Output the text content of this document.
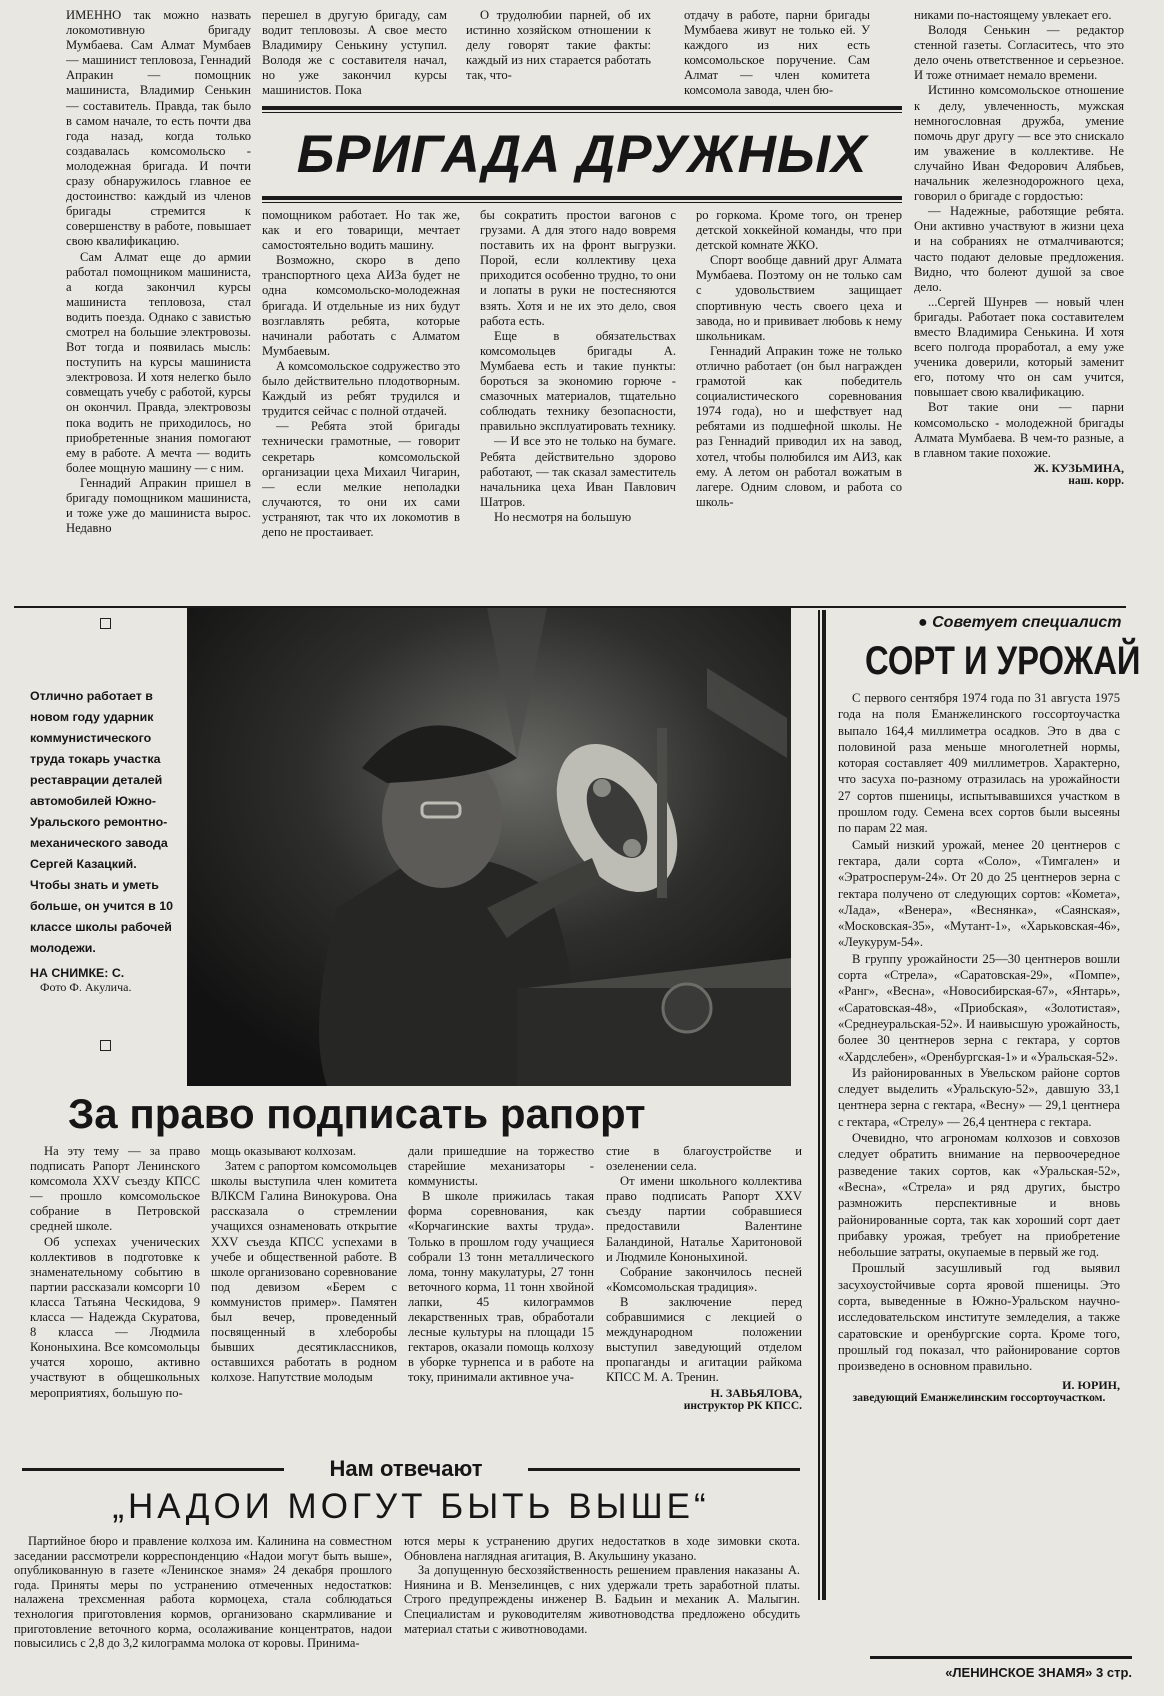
ИМЕННО так можно назвать локомотивную бригаду Мумбаева. Сам Алмат Мумбаев — машинист тепловоза, Геннадий Апракин — помощник машиниста, Владимир Сенькин — составитель. Правда, так было в самом начале, то есть почти два года назад, когда только создавалась комсомольско - молодежная бригада. И почти сразу обнаружилось главное ее достоинство: каждый из членов бригады стремится к совершенству в работе, повышает свою квалификацию.

Сам Алмат еще до армии работал помощником машиниста, а когда закончил курсы машиниста тепловоза, стал водить поезда. Однако с завистью смотрел на большие электровозы. Вот тогда и появилась мысль: поступить на курсы машиниста электровоза. И хотя нелегко было совмещать учебу с работой, курсы он окончил. Правда, электровозы пока водить не приходилось, но приобретенные знания помогают ему в работе. А мечта — водить более мощную машину — с ним.

Геннадий Апракин пришел в бригаду помощником машиниста, и тоже уже до машиниста вырос. Недавно

перешел в другую бригаду, сам водит тепловозы. А свое место Владимиру Сенькину уступил. Володя же с составителя начал, но уже закончил курсы машинистов. Пока

О трудолюбии парней, об их истинно хозяйском отношении к делу говорят такие факты: каждый из них старается работать так, что-

отдачу в работе, парни бригады Мумбаева живут не только ей. У каждого из них есть комсомольское поручение. Сам Алмат — член комитета комсомола завода, член бю-

БРИГАДА ДРУЖНЫХ

помощником работает. Но так же, как и его товарищи, мечтает самостоятельно водить машину.

Возможно, скоро в депо транспортного цеха АИЗа будет не одна комсомольско-молодежная бригада. И отдельные из них будут возглавлять ребята, которые начинали работать с Алматом Мумбаевым.

А комсомольское содружество это было действительно плодотворным. Каждый из ребят трудился и трудится сейчас с полной отдачей.

— Ребята этой бригады технически грамотные, — говорит секретарь комсомольской организации цеха Михаил Чигарин, — если мелкие неполадки случаются, то они их сами устраняют, так что их локомотив в депо не простаивает.

бы сократить простои вагонов с грузами. А для этого надо вовремя поставить их на фронт выгрузки. Порой, если коллективу цеха приходится особенно трудно, то они и лопаты в руки не постесняются взять. Хотя и не их это дело, своя работа есть.

Еще в обязательствах комсомольцев бригады А. Мумбаева есть и такие пункты: бороться за экономию горюче - смазочных материалов, тщательно соблюдать технику безопасности, правильно эксплуатировать технику.

— И все это не только на бумаге. Ребята действительно здорово работают, — так сказал заместитель начальника цеха Иван Павлович Шатров.

Но несмотря на большую

ро горкома. Кроме того, он тренер детской хоккейной команды, что при детской комнате ЖКО.

Спорт вообще давний друг Алмата Мумбаева. Поэтому он не только сам с удовольствием защищает спортивную честь своего цеха и завода, но и прививает любовь к нему школьникам.

Геннадий Апракин тоже не только отлично работает (он был награжден грамотой как победитель социалистического соревнования 1974 года), но и шефствует над ребятами из подшефной школы. Не раз Геннадий приводил их на завод, хотел, чтобы полюбился им АИЗ, как ему. А летом он работал вожатым в лагере. Одним словом, и работа со школь-

никами по-настоящему увлекает его.

Володя Сенькин — редактор стенной газеты. Согласитесь, что это дело очень ответственное и серьезное. И тоже отнимает немало времени.

Истинно комсомольское отношение к делу, увлеченность, мужская немногословная дружба, умение помочь друг другу — все это снискало им уважение в коллективе. Не случайно Иван Федорович Алябьев, начальник железнодорожного цеха, говорил о бригаде с гордостью:

— Надежные, работящие ребята. Они активно участвуют в жизни цеха и на собраниях не отмалчиваются; часто подают деловые предложения. Видно, что болеют душой за свое дело.

...Сергей Шунрев — новый член бригады. Работает пока составителем вместо Владимира Сенькина. И хотя всего полгода проработал, а ему уже ученика доверили, который заменит его, потому что он сам учится, повышает свою квалификацию.

Вот такие они — парни комсомольско - молодежной бригады Алмата Мумбаева. В чем-то разные, а в главном такие похожие.

Ж. КУЗЬМИНА,

наш. корр.

Отлично работает в новом году ударник коммунистического труда токарь участка реставрации деталей автомобилей Южно-Уральского ремонтно-механического завода Сергей Казацкий. Чтобы знать и уметь больше, он учится в 10 классе школы рабочей молодежи.

НА СНИМКЕ: С.

Фото Ф. Акулича.
За право подписать рапорт

На эту тему — за право подписать Рапорт Ленинского комсомола XXV съезду КПСС — прошло комсомольское собрание в Петровской средней школе.

Об успехах ученических коллективов в подготовке к знаменательному событию в партии рассказали комсорги 10 класса Татьяна Ческидова, 9 класса — Надежда Скуратова, 8 класса — Людмила Кононыхина. Все комсомольцы учатся хорошо, активно участвуют в общешкольных мероприятиях, большую по-

мощь оказывают колхозам.

Затем с рапортом комсомольцев школы выступила член комитета ВЛКСМ Галина Винокурова. Она рассказала о стремлении учащихся ознаменовать открытие XXV съезда КПСС успехами в учебе и общественной работе. В школе организовано соревнование под девизом «Берем с коммунистов пример». Памятен был вечер, проведенный посвященный в хлеборобы бывших десятиклассников, оставшихся работать в родном колхозе. Напутствие молодым

дали пришедшие на торжество старейшие механизаторы - коммунисты.

В школе прижилась такая форма соревнования, как «Корчагинские вахты труда». Только в прошлом году учащиеся собрали 13 тонн металлического лома, тонну макулатуры, 27 тонн веточного корма, 11 тонн хвойной лапки, 45 килограммов лекарственных трав, обработали лесные культуры на площади 15 гектаров, оказали помощь колхозу в уборке турнепса и в работе на току, принимали активное уча-

стие в благоустройстве и озеленении села.

От имени школьного коллектива право подписать Рапорт XXV съезду партии собравшиеся предоставили Валентине Баландиной, Наталье Харитоновой и Людмиле Кононыхиной.

Собрание закончилось песней «Комсомольская традиция».

В заключение перед собравшимися с лекцией о международном положении выступил заведующий отделом пропаганды и агитации райкома КПСС М. А. Тренин.

Н. ЗАВЬЯЛОВА,

инструктор РК КПСС.

Нам отвечают
„НАДОИ МОГУТ БЫТЬ ВЫШЕ“

Партийное бюро и правление колхоза им. Калинина на совместном заседании рассмотрели корреспонденцию «Надои могут быть выше», опубликованную в газете «Ленинское знамя» 24 декабря прошлого года. Приняты меры по устранению отмеченных недостатков: налажена трехсменная работа кормоцеха, стала соблюдаться технология приготовления кормов, организовано скармливание и приготовление веточного корма, осолаживание концентратов, надои повысились с 2,8 до 3,2 килограмма молока от коровы. Принима-

ются меры к устранению других недостатков в ходе зимовки скота. Обновлена наглядная агитация, В. Акульшину указано.

За допущенную бесхозяйственность решением правления наказаны А. Ниянина и В. Мензелинцев, с них удержали треть заработной платы. Строго предупреждены инженер В. Бадьин и механик А. Малыгин. Специалистам и руководителям животноводства предложено обсудить материал статьи с животноводами.

● Советует специалист
СОРТ И УРОЖАЙ

С первого сентября 1974 года по 31 августа 1975 года на поля Еманжелинского госсортоучастка выпало 164,4 миллиметра осадков. Это в два с половиной раза меньше многолетней нормы, которая составляет 409 миллиметров. Характерно, что засуха по-разному отразилась на урожайности 27 сортов пшеницы, испытывавшихся участком в прошлом году. Семена всех сортов были высеяны по парам 22 мая.

Самый низкий урожай, менее 20 центнеров с гектара, дали сорта «Соло», «Тимгален» и «Эратроспеpум-24». От 20 до 25 центнеров зерна с гектара получено от следующих сортов: «Комета», «Лада», «Венера», «Веснянка», «Саянская», «Московская-35», «Мутант-1», «Харьковская-46», «Леукурум-54».

В группу урожайности 25—30 центнеров вошли сорта «Стрела», «Саратовская-29», «Помпе», «Ранг», «Весна», «Новосибирская-67», «Янтарь», «Саратовская-48», «Приобская», «Золотистая», «Среднеуральская-52». И наивысшую урожайность, более 30 центнеров зерна с гектара, у сортов «Хардслебен», «Оренбургская-1» и «Уральская-52».

Из районированных в Увельском районе сортов следует выделить «Уральскую-52», давшую 33,1 центнера зерна с гектара, «Весну» — 29,1 центнера с гектара, «Стрелу» — 26,4 центнера с гектара.

Очевидно, что агрономам колхозов и совхозов следует обратить внимание на первоочередное разведение таких сортов, как «Уральская-52», «Весна», «Стрела» и ряд других, быстро размножить перспективные и вновь районированные сорта, так как хороший сорт дает прибавку урожая, требует на приобретение небольшие затраты, окупаемые в первый же год.

Прошлый засушливый год выявил засухоустойчивые сорта яровой пшеницы. Это сорта, выведенные в Южно-Уральском научно-исследовательском институте земледелия, а также саратовские и оренбургские сорта. Кроме того, прошлый год показал, что районирование сортов произведено в основном правильно.

И. ЮРИН,

заведующий Еманжелинским госсортоучастком.

«ЛЕНИНСКОЕ ЗНАМЯ» 3 стр.
